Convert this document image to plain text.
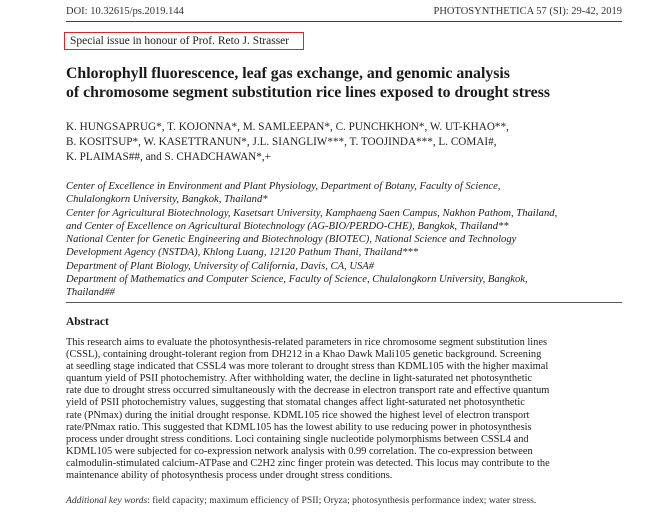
DOI: 10.32615/ps.2019.144	PHOTOSYNTHETICA 57 (SI): 29-42, 2019
Special issue in honour of Prof. Reto J. Strasser
Chlorophyll fluorescence, leaf gas exchange, and genomic analysis
of chromosome segment substitution rice lines exposed to drought stress
K. HUNGSAPRUG*, T. KOJONNA*, M. SAMLEEPAN*, C. PUNCHKHON*, W. UT-KHAO**,
B. KOSITSUP*, W. KASETTRANUN*, J.L. SIANGLIW***, T. TOOJINDA***, L. COMAI#,
K. PLAIMAS##, and S. CHADCHAWAN*,+
Center of Excellence in Environment and Plant Physiology, Department of Botany, Faculty of Science,
Chulalongkorn University, Bangkok, Thailand*
Center for Agricultural Biotechnology, Kasetsart University, Kamphaeng Saen Campus, Nakhon Pathom, Thailand,
and Center of Excellence on Agricultural Biotechnology (AG-BIO/PERDO-CHE), Bangkok, Thailand**
National Center for Genetic Engineering and Biotechnology (BIOTEC), National Science and Technology
Development Agency (NSTDA), Khlong Luang, 12120 Pathum Thani, Thailand***
Department of Plant Biology, University of California, Davis, CA, USA#
Department of Mathematics and Computer Science, Faculty of Science, Chulalongkorn University, Bangkok,
Thailand##
Abstract
This research aims to evaluate the photosynthesis-related parameters in rice chromosome segment substitution lines
(CSSL), containing drought-tolerant region from DH212 in a Khao Dawk Mali105 genetic background. Screening
at seedling stage indicated that CSSL4 was more tolerant to drought stress than KDML105 with the higher maximal
quantum yield of PSII photochemistry. After withholding water, the decline in light-saturated net photosynthetic
rate due to drought stress occurred simultaneously with the decrease in electron transport rate and effective quantum
yield of PSII photochemistry values, suggesting that stomatal changes affect light-saturated net photosynthetic
rate (PNmax) during the initial drought response. KDML105 rice showed the highest level of electron transport
rate/PNmax ratio. This suggested that KDML105 has the lowest ability to use reducing power in photosynthesis
process under drought stress conditions. Loci containing single nucleotide polymorphisms between CSSL4 and
KDML105 were subjected for co-expression network analysis with 0.99 correlation. The co-expression between
calmodulin-stimulated calcium-ATPase and C2H2 zinc finger protein was detected. This locus may contribute to the
maintenance ability of photosynthesis process under drought stress conditions.
Additional key words: field capacity; maximum efficiency of PSII; Oryza; photosynthesis performance index; water stress.
